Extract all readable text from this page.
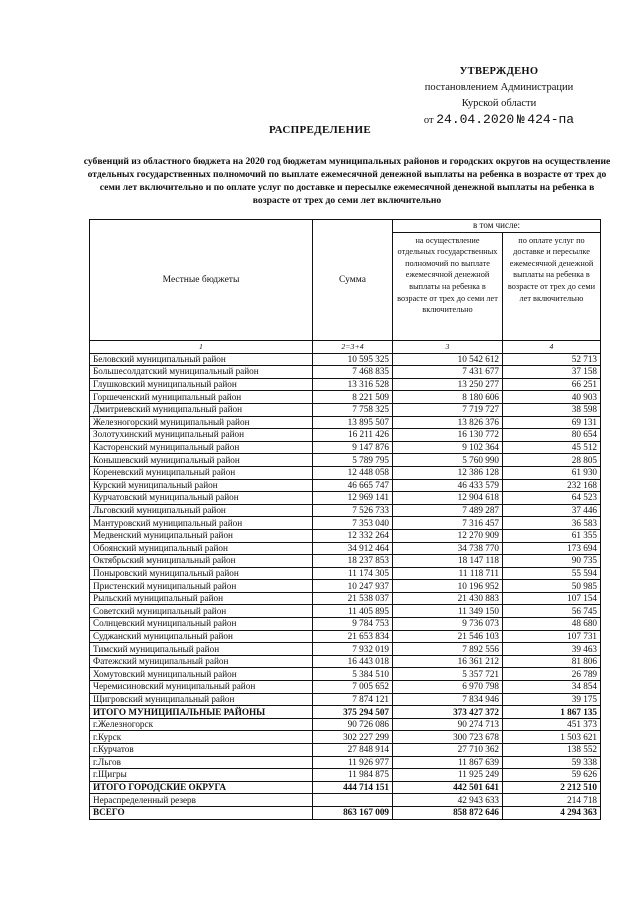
УТВЕРЖДЕНО
постановлением Администрации
Курской области
от 24.04.2020 № 424-па
РАСПРЕДЕЛЕНИЕ
субвенций из областного бюджета на 2020 год бюджетам муниципальных районов и городских округов на осуществление отдельных государственных полномочий по выплате ежемесячной денежной выплаты на ребенка в возрасте от трех до семи лет включительно и по оплате услуг по доставке и пересылке ежемесячной денежной выплаты на ребенка в возрасте от трех до семи лет включительно
Местные бюджеты	Сумма	в том числе:	
		на осуществление отдельных государственных полномочий по выплате ежемесячной денежной выплаты на ребенка в возрасте от трех до семи лет включительно	по оплате услуг по доставке и пересылке ежемесячной денежной выплаты на ребенка в возрасте от трех до семи лет включительно
1	2=3+4	3	4
Беловский муниципальный район	10 595 325	10 542 612	52 713
Большесолдатский муниципальный район	7 468 835	7 431 677	37 158
Глушковский муниципальный район	13 316 528	13 250 277	66 251
Горшеченский муниципальный район	8 221 509	8 180 606	40 903
Дмитриевский муниципальный район	7 758 325	7 719 727	38 598
Железногорский муниципальный район	13 895 507	13 826 376	69 131
Золотухинский муниципальный район	16 211 426	16 130 772	80 654
Касторенский муниципальный район	9 147 876	9 102 364	45 512
Конышевский муниципальный район	5 789 795	5 760 990	28 805
Кореневский муниципальный район	12 448 058	12 386 128	61 930
Курский муниципальный район	46 665 747	46 433 579	232 168
Курчатовский муниципальный район	12 969 141	12 904 618	64 523
Льговский муниципальный район	7 526 733	7 489 287	37 446
Мантуровский муниципальный район	7 353 040	7 316 457	36 583
Медвенский муниципальный район	12 332 264	12 270 909	61 355
Обоянский муниципальный район	34 912 464	34 738 770	173 694
Октябрьский муниципальный район	18 237 853	18 147 118	90 735
Поныровский муниципальный район	11 174 305	11 118 711	55 594
Пристенский муниципальный район	10 247 937	10 196 952	50 985
Рыльский муниципальный район	21 538 037	21 430 883	107 154
Советский муниципальный район	11 405 895	11 349 150	56 745
Солнцевский муниципальный район	9 784 753	9 736 073	48 680
Суджанский муниципальный район	21 653 834	21 546 103	107 731
Тимский муниципальный район	7 932 019	7 892 556	39 463
Фатежский муниципальный район	16 443 018	16 361 212	81 806
Хомутовский муниципальный район	5 384 510	5 357 721	26 789
Черемисиновский муниципальный район	7 005 652	6 970 798	34 854
Щигровский муниципальный район	7 874 121	7 834 946	39 175
ИТОГО МУНИЦИПАЛЬНЫЕ РАЙОНЫ	375 294 507	373 427 372	1 867 135
г.Железногорск	90 726 086	90 274 713	451 373
г.Курск	302 227 299	300 723 678	1 503 621
г.Курчатов	27 848 914	27 710 362	138 552
г.Льгов	11 926 977	11 867 639	59 338
г.Щигры	11 984 875	11 925 249	59 626
ИТОГО ГОРОДСКИЕ ОКРУГА	444 714 151	442 501 641	2 212 510
Нераспределенный резерв		42 943 633	214 718
ВСЕГО	863 167 009	858 872 646	4 294 363
